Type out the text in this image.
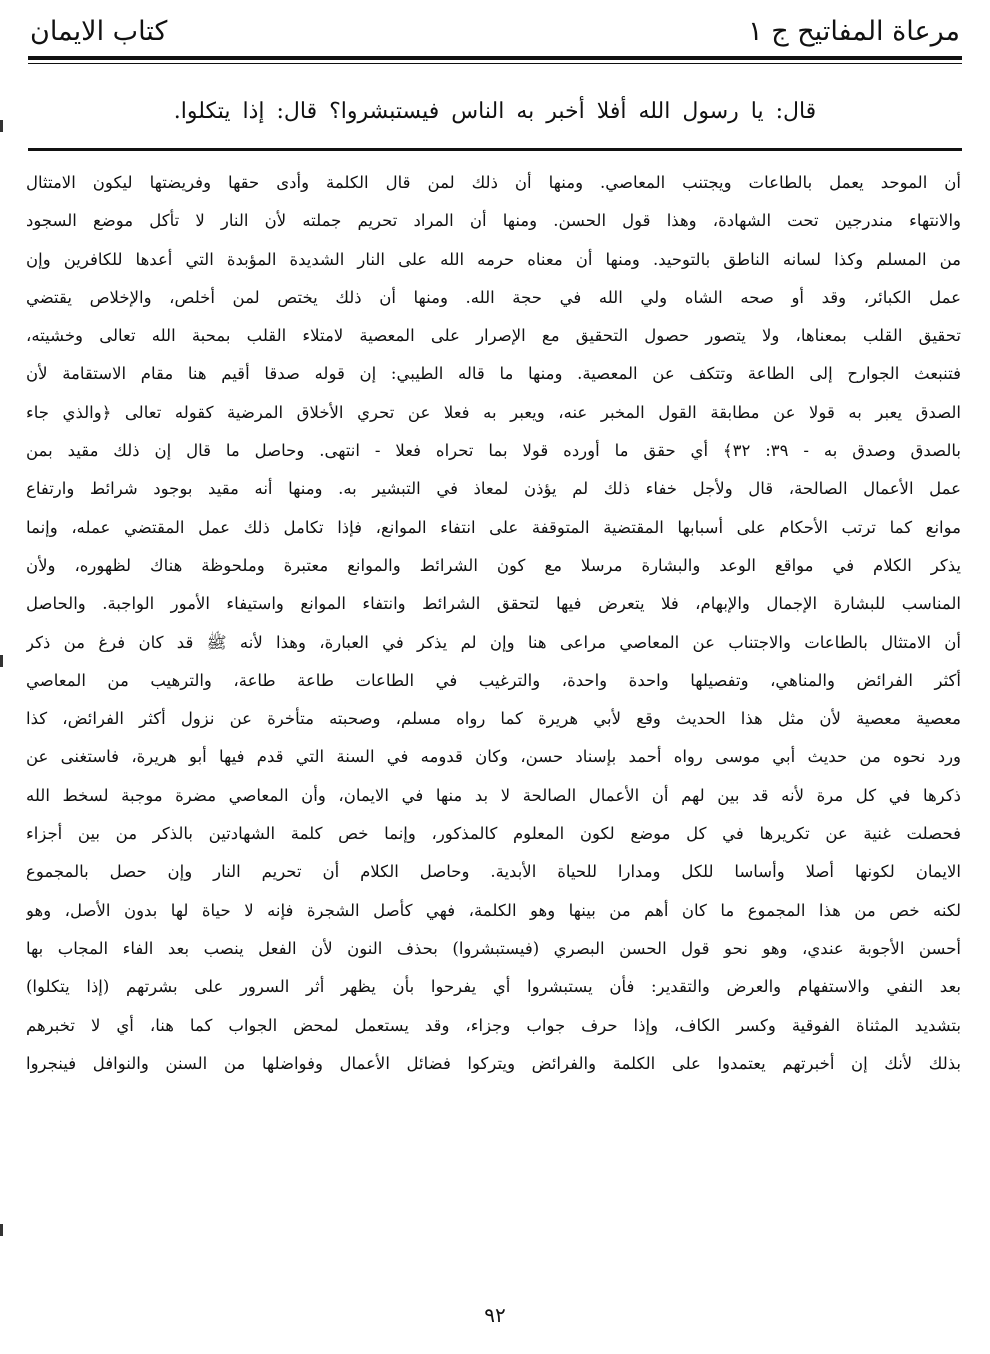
مرعاة المفاتيح ج ١
كتاب الايمان
قال: يا رسول الله أفلا أخبر به الناس فيستبشروا؟ قال: إذا يتكلوا.
أن الموحد يعمل بالطاعات ويجتنب المعاصي. ومنها أن ذلك لمن قال الكلمة وأدى حقها وفريضتها ليكون الامتثال
والانتهاء مندرجين تحت الشهادة، وهذا قول الحسن. ومنها أن المراد تحريم جملته لأن النار لا تأكل موضع السجود
من المسلم وكذا لسانه الناطق بالتوحيد. ومنها أن معناه حرمه الله على النار الشديدة المؤبدة التي أعدها للكافرين وإن
عمل الكبائر، وقد أو صحه الشاه ولي الله في حجة الله. ومنها أن ذلك يختص لمن أخلص، والإخلاص يقتضي
تحقيق القلب بمعناها، ولا يتصور حصول التحقيق مع الإصرار على المعصية لامتلاء القلب بمحبة الله تعالى وخشيته،
فتنبعث الجوارح إلى الطاعة وتتكف عن المعصية. ومنها ما قاله الطيبي: إن قوله صدقا أقيم هنا مقام الاستقامة لأن
الصدق يعبر به قولا عن مطابقة القول المخبر عنه، ويعبر به فعلا عن تحري الأخلاق المرضية كقوله تعالى ﴿والذي جاء
بالصدق وصدق به - ٣٩: ٣٢﴾ أي حقق ما أورده قولا بما تحراه فعلا - انتهى. وحاصل ما قال إن ذلك مقيد بمن
عمل الأعمال الصالحة، قال ولأجل خفاء ذلك لم يؤذن لمعاذ في التبشير به. ومنها أنه مقيد بوجود شرائط وارتفاع
موانع كما ترتب الأحكام على أسبابها المقتضية المتوقفة على انتفاء الموانع، فإذا تكامل ذلك عمل المقتضي عمله، وإنما
يذكر الكلام في مواقع الوعد والبشارة مرسلا مع كون الشرائط والموانع معتبرة وملحوظة هناك لظهوره، ولأن
المناسب للبشارة الإجمال والإبهام، فلا يتعرض فيها لتحقق الشرائط وانتفاء الموانع واستيفاء الأمور الواجبة. والحاصل
أن الامتثال بالطاعات والاجتناب عن المعاصي مراعى هنا وإن لم يذكر في العبارة، وهذا لأنه ﷺ قد كان فرغ من ذكر
أكثر الفرائض والمناهي، وتفصيلها واحدة واحدة، والترغيب في الطاعات طاعة طاعة، والترهيب من المعاصي
معصية معصية لأن مثل هذا الحديث وقع لأبي هريرة كما رواه مسلم، وصحبته متأخرة عن نزول أكثر الفرائض، كذا
ورد نحوه من حديث أبي موسى رواه أحمد بإسناد حسن، وكان قدومه في السنة التي قدم فيها أبو هريرة، فاستغنى عن
ذكرها في كل مرة لأنه قد بين لهم أن الأعمال الصالحة لا بد منها في الايمان، وأن المعاصي مضرة موجبة لسخط الله
فحصلت غنية عن تكريرها في كل موضع لكون المعلوم كالمذكور، وإنما خص كلمة الشهادتين بالذكر من بين أجزاء
الايمان لكونها أصلا وأساسا للكل ومدارا للحياة الأبدية. وحاصل الكلام أن تحريم النار وإن حصل بالمجموع
لكنه خص من هذا المجموع ما كان أهم من بينها وهو الكلمة، فهي كأصل الشجرة فإنه لا حياة لها بدون الأصل، وهو
أحسن الأجوبة عندي، وهو نحو قول الحسن البصري (فيستبشروا) بحذف النون لأن الفعل ينصب بعد الفاء المجاب بها
بعد النفي والاستفهام والعرض والتقدير: فأن يستبشروا أي يفرحوا بأن يظهر أثر السرور على بشرتهم (إذا يتكلوا)
بتشديد المثناة الفوقية وكسر الكاف، وإذا حرف جواب وجزاء، وقد يستعمل لمحض الجواب كما هنا، أي لا تخبرهم
بذلك لأنك إن أخبرتهم يعتمدوا على الكلمة والفرائض ويتركوا فضائل الأعمال وفواضلها من السنن والنوافل فينجروا
٩٢
